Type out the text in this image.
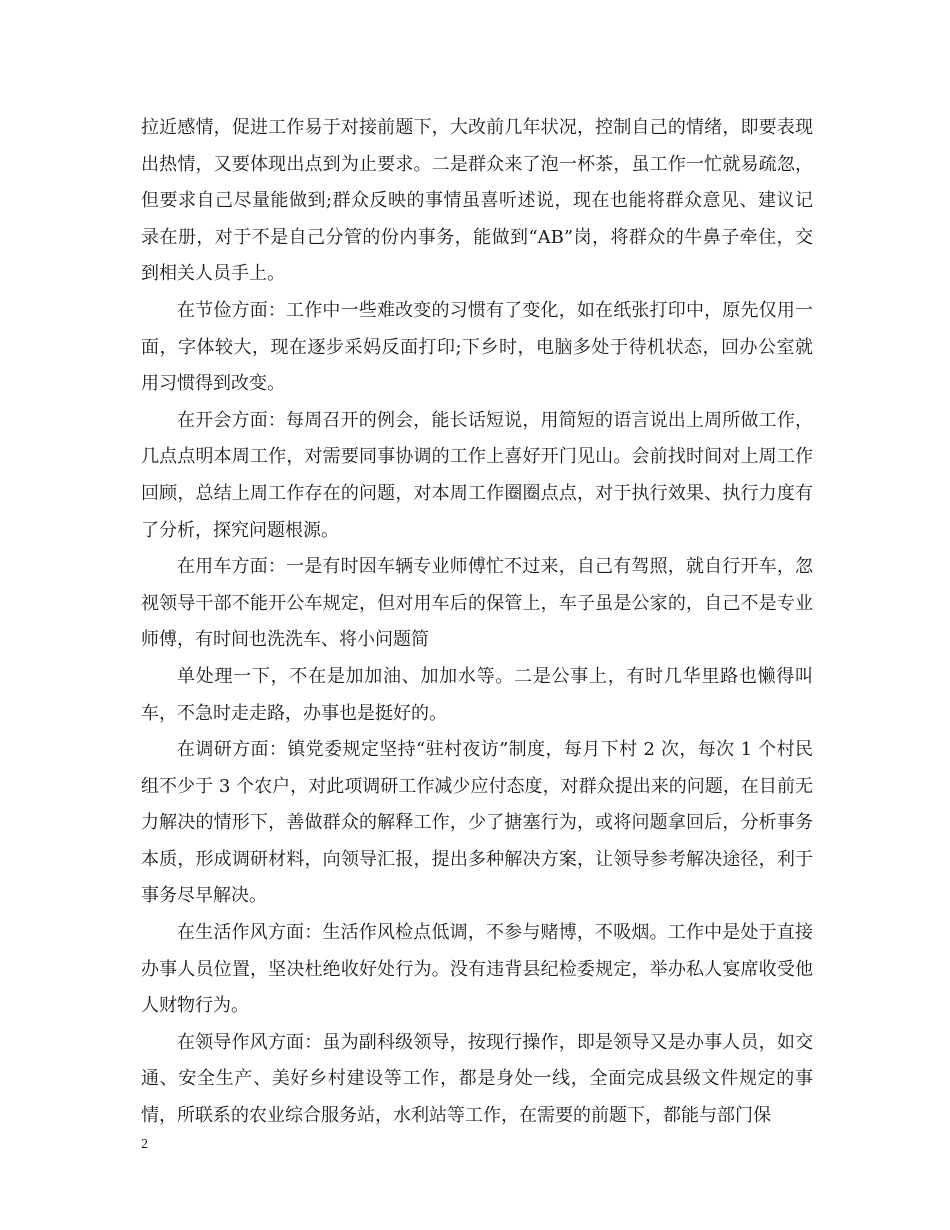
拉近感情，促进工作易于对接前题下，大改前几年状况，控制自己的情绪，即要表现出热情，又要体现出点到为止要求。二是群众来了泡一杯茶，虽工作一忙就易疏忽，但要求自己尽量能做到;群众反映的事情虽喜听述说，现在也能将群众意见、建议记录在册，对于不是自己分管的份内事务，能做到“AB”岗，将群众的牛鼻子牵住，交到相关人员手上。

在节俭方面：工作中一些难改变的习惯有了变化，如在纸张打印中，原先仅用一面，字体较大，现在逐步采妈反面打印;下乡时，电脑多处于待机状态，回办公室就用习惯得到改变。

在开会方面：每周召开的例会，能长话短说，用简短的语言说出上周所做工作，几点点明本周工作，对需要同事协调的工作上喜好开门见山。会前找时间对上周工作回顾，总结上周工作存在的问题，对本周工作圈圈点点，对于执行效果、执行力度有了分析，探究问题根源。

在用车方面：一是有时因车辆专业师傅忙不过来，自己有驾照，就自行开车，忽视领导干部不能开公车规定，但对用车后的保管上，车子虽是公家的，自己不是专业师傅，有时间也洗洗车、将小问题简

单处理一下，不在是加加油、加加水等。二是公事上，有时几华里路也懒得叫车，不急时走走路，办事也是挺好的。

在调研方面：镇党委规定坚持“驻村夜访”制度，每月下村 2 次，每次 1 个村民组不少于 3 个农户，对此项调研工作减少应付态度，对群众提出来的问题，在目前无力解决的情形下，善做群众的解释工作，少了搪塞行为，或将问题拿回后，分析事务本质，形成调研材料，向领导汇报，提出多种解决方案，让领导参考解决途径，利于事务尽早解决。

在生活作风方面：生活作风检点低调，不参与赌博，不吸烟。工作中是处于直接办事人员位置，坚决杜绝收好处行为。没有违背县纪检委规定，举办私人宴席收受他人财物行为。

在领导作风方面：虽为副科级领导，按现行操作，即是领导又是办事人员，如交通、安全生产、美好乡村建设等工作，都是身处一线，全面完成县级文件规定的事情，所联系的农业综合服务站，水利站等工作，在需要的前题下，都能与部门保

2
